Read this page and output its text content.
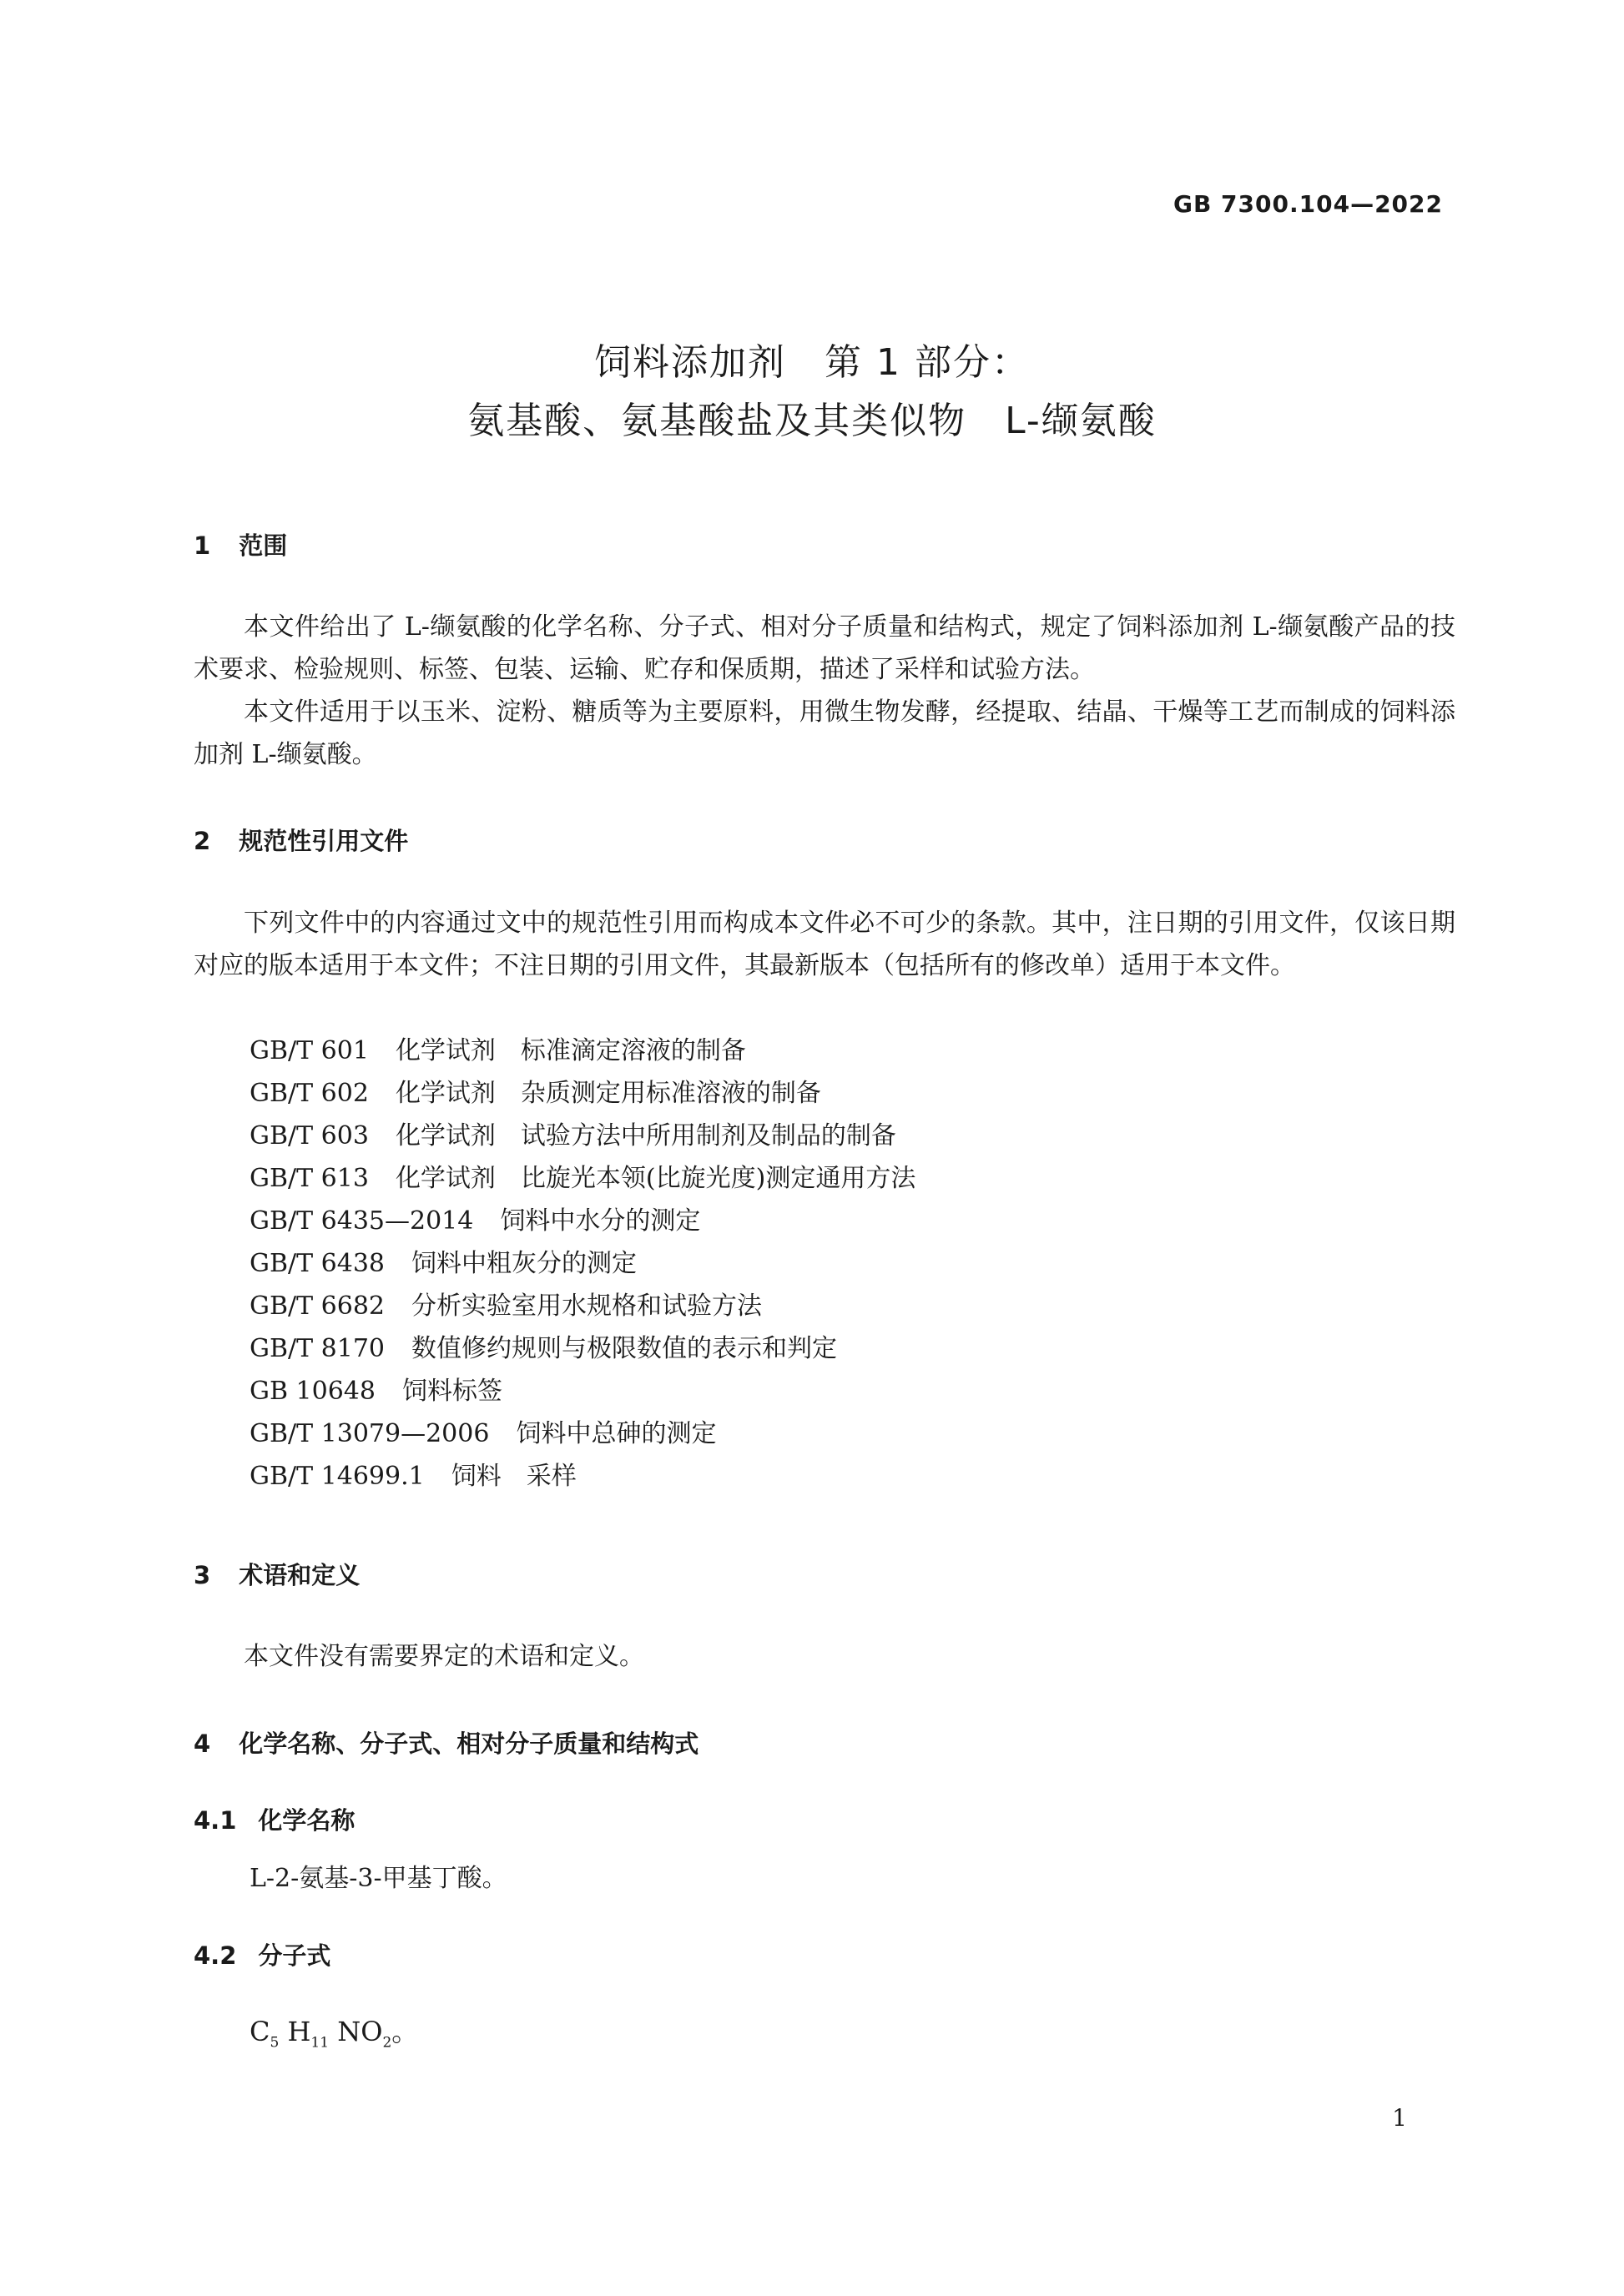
GB 7300.104—2022
饲料添加剂　第 1 部分：
氨基酸、氨基酸盐及其类似物　L-缬氨酸
1 范围
本文件给出了 L-缬氨酸的化学名称、分子式、相对分子质量和结构式，规定了饲料添加剂 L-缬氨酸产品的技术要求、检验规则、标签、包装、运输、贮存和保质期，描述了采样和试验方法。
本文件适用于以玉米、淀粉、糖质等为主要原料，用微生物发酵，经提取、结晶、干燥等工艺而制成的饲料添加剂 L-缬氨酸。
2 规范性引用文件
下列文件中的内容通过文中的规范性引用而构成本文件必不可少的条款。其中，注日期的引用文件，仅该日期对应的版本适用于本文件；不注日期的引用文件，其最新版本（包括所有的修改单）适用于本文件。
GB/T 601 化学试剂　标准滴定溶液的制备
GB/T 602 化学试剂　杂质测定用标准溶液的制备
GB/T 603 化学试剂　试验方法中所用制剂及制品的制备
GB/T 613 化学试剂　比旋光本领(比旋光度)测定通用方法
GB/T 6435—2014 饲料中水分的测定
GB/T 6438 饲料中粗灰分的测定
GB/T 6682 分析实验室用水规格和试验方法
GB/T 8170 数值修约规则与极限数值的表示和判定
GB 10648 饲料标签
GB/T 13079—2006 饲料中总砷的测定
GB/T 14699.1 饲料　采样
3 术语和定义
本文件没有需要界定的术语和定义。
4 化学名称、分子式、相对分子质量和结构式
4.1 化学名称
L-2-氨基-3-甲基丁酸。
4.2 分子式
$C_5$ $H_{11}$ $NO_2$。
1
